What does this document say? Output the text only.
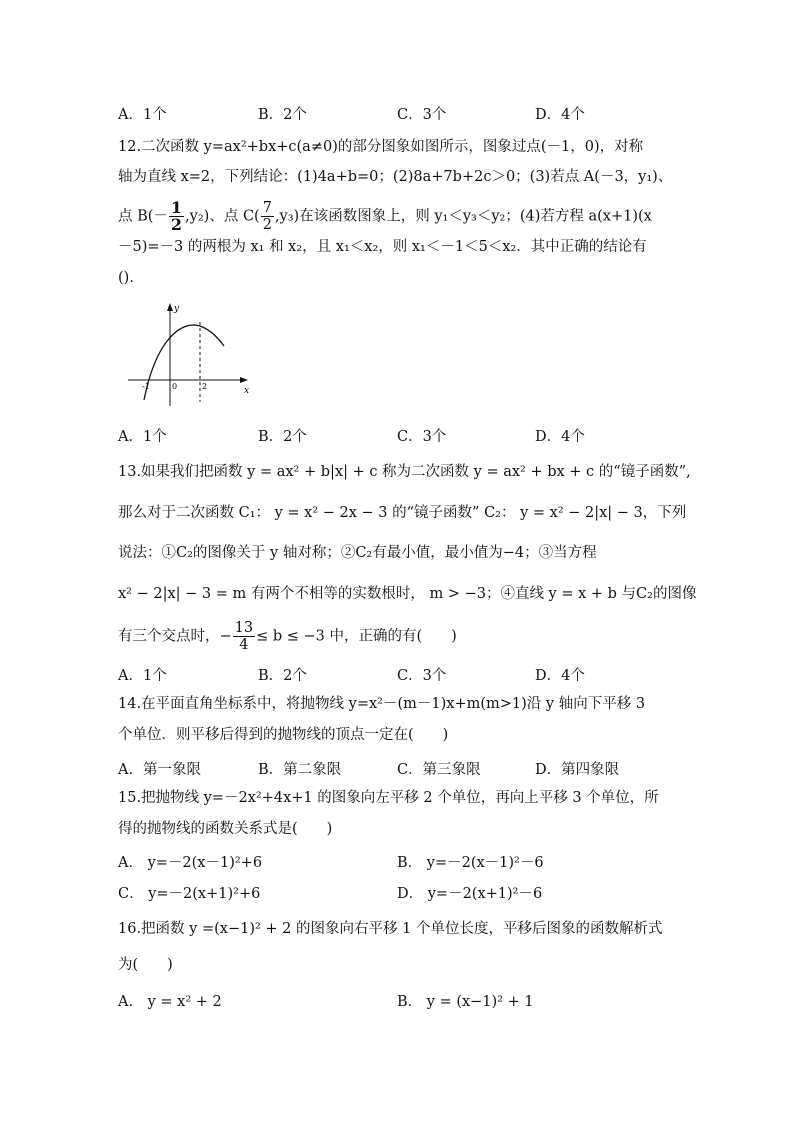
A．1个	B．2个	C．3个	D．4个
12.二次函数 y=ax²+bx+c(a≠0)的部分图象如图所示，图象过点(－1，0)，对称
轴为直线 x=2，下列结论：(1)4a+b=0；(2)8a+7b+2c＞0；(3)若点 A(－3，y₁)、
点 $B(- \frac{1}{2} ,y_2)$、点 $C( \frac{7}{2} ,y_3)$在该函数图象上，则 y₁＜y₃＜y₂；(4)若方程 a(x+1)(x
－5)=－3 的两根为 x₁ 和 x₂，且 x₁＜x₂，则 x₁＜－1＜5＜x₂．其中正确的结论有
()．
y
x
-1	0	2
A．1个	B．2个	C．3个	D．4个
13.如果我们把函数 y = ax² + b|x| + c 称为二次函数 y = ax² + bx + c 的“镜子函数”,
那么对于二次函数 C₁： y = x² − 2x − 3 的“镜子函数” C₂： y = x² − 2|x| − 3，下列
说法：①C₂的图像关于 y 轴对称；②C₂有最小值，最小值为−4；③当方程
x² − 2|x| − 3 = m 有两个不相等的实数根时， m > −3；④直线 y = x + b 与C₂的图像
有三个交点时，− $\frac{13}{4} \le b \le -3$ 中，正确的有(　　)
A．1个	B．2个	C．3个	D．4个
14.在平面直角坐标系中，将抛物线 y=x²－(m－1)x+m(m>1)沿 y 轴向下平移 3
个单位．则平移后得到的抛物线的顶点一定在(　　)
A．第一象限	B．第二象限	C．第三象限	D．第四象限
15.把抛物线 y=－2x²+4x+1 的图象向左平移 2 个单位，再向上平移 3 个单位，所
得的抛物线的函数关系式是(　　)
A． y=－2(x－1)²+6	B． y=－2(x－1)²－6
C． y=－2(x+1)²+6	D． y=－2(x+1)²－6
16.把函数 y =(x−1)² + 2 的图象向右平移 1 个单位长度，平移后图象的函数解析式
为(　　)
A． y = x² + 2	B． y = (x−1)² + 1
